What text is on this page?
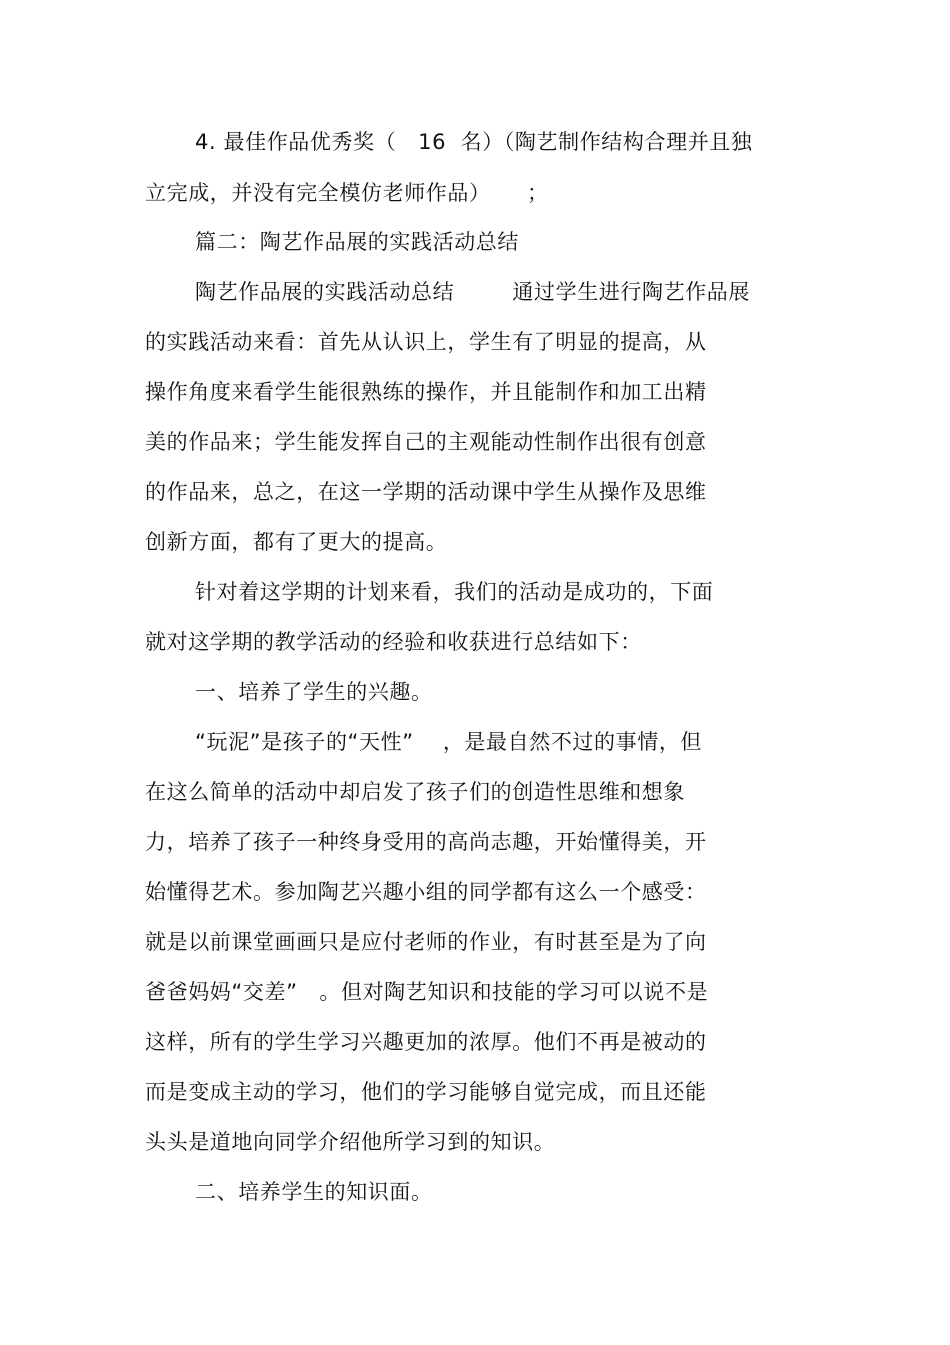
4. 最佳作品优秀奖（   16  名）（陶艺制作结构合理并且独
立完成，并没有完全模仿老师作品）     ；
篇二：陶艺作品展的实践活动总结
陶艺作品展的实践活动总结        通过学生进行陶艺作品展
的实践活动来看：首先从认识上，学生有了明显的提高，从
操作角度来看学生能很熟练的操作，并且能制作和加工出精
美的作品来；学生能发挥自己的主观能动性制作出很有创意
的作品来，总之，在这一学期的活动课中学生从操作及思维
创新方面，都有了更大的提高。
针对着这学期的计划来看，我们的活动是成功的，下面
就对这学期的教学活动的经验和收获进行总结如下：
一、培养了学生的兴趣。
“玩泥”是孩子的“天性”    ，是最自然不过的事情，但
在这么简单的活动中却启发了孩子们的创造性思维和想象
力，培养了孩子一种终身受用的高尚志趣，开始懂得美，开
始懂得艺术。参加陶艺兴趣小组的同学都有这么一个感受：
就是以前课堂画画只是应付老师的作业，有时甚至是为了向
爸爸妈妈“交差”   。但对陶艺知识和技能的学习可以说不是
这样，所有的学生学习兴趣更加的浓厚。他们不再是被动的
而是变成主动的学习，他们的学习能够自觉完成，而且还能
头头是道地向同学介绍他所学习到的知识。
二、培养学生的知识面。
